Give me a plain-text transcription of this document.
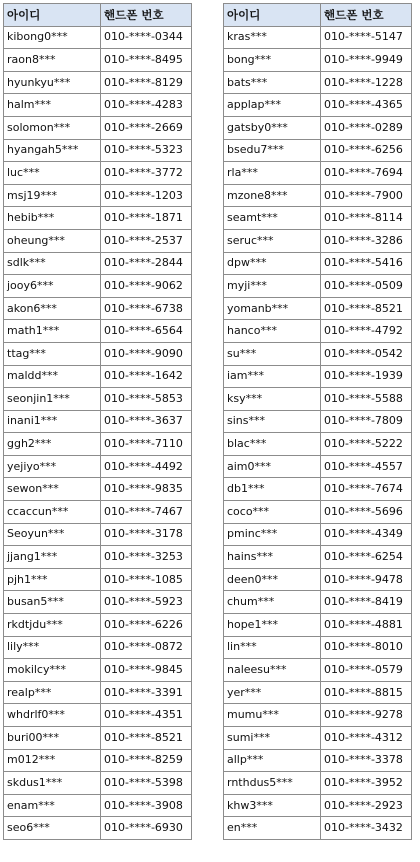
아이디	핸드폰 번호
kibong0***	010-****-0344
raon8***	010-****-8495
hyunkyu***	010-****-8129
halm***	010-****-4283
solomon***	010-****-2669
hyangah5***	010-****-5323
luc***	010-****-3772
msj19***	010-****-1203
hebib***	010-****-1871
oheung***	010-****-2537
sdlk***	010-****-2844
jooy6***	010-****-9062
akon6***	010-****-6738
math1***	010-****-6564
ttag***	010-****-9090
maldd***	010-****-1642
seonjin1***	010-****-5853
inani1***	010-****-3637
ggh2***	010-****-7110
yejiyo***	010-****-4492
sewon***	010-****-9835
ccaccun***	010-****-7467
Seoyun***	010-****-3178
jjang1***	010-****-3253
pjh1***	010-****-1085
busan5***	010-****-5923
rkdtjdu***	010-****-6226
lily***	010-****-0872
mokilcy***	010-****-9845
realp***	010-****-3391
whdrlf0***	010-****-4351
buri00***	010-****-8521
m012***	010-****-8259
skdus1***	010-****-5398
enam***	010-****-3908
seo6***	010-****-6930
아이디	핸드폰 번호
kras***	010-****-5147
bong***	010-****-9949
bats***	010-****-1228
applap***	010-****-4365
gatsby0***	010-****-0289
bsedu7***	010-****-6256
rla***	010-****-7694
mzone8***	010-****-7900
seamt***	010-****-8114
seruc***	010-****-3286
dpw***	010-****-5416
myji***	010-****-0509
yomanb***	010-****-8521
hanco***	010-****-4792
su***	010-****-0542
iam***	010-****-1939
ksy***	010-****-5588
sins***	010-****-7809
blac***	010-****-5222
aim0***	010-****-4557
db1***	010-****-7674
coco***	010-****-5696
pminc***	010-****-4349
hains***	010-****-6254
deen0***	010-****-9478
chum***	010-****-8419
hope1***	010-****-4881
lin***	010-****-8010
naleesu***	010-****-0579
yer***	010-****-8815
mumu***	010-****-9278
sumi***	010-****-4312
allp***	010-****-3378
rnthdus5***	010-****-3952
khw3***	010-****-2923
en***	010-****-3432
